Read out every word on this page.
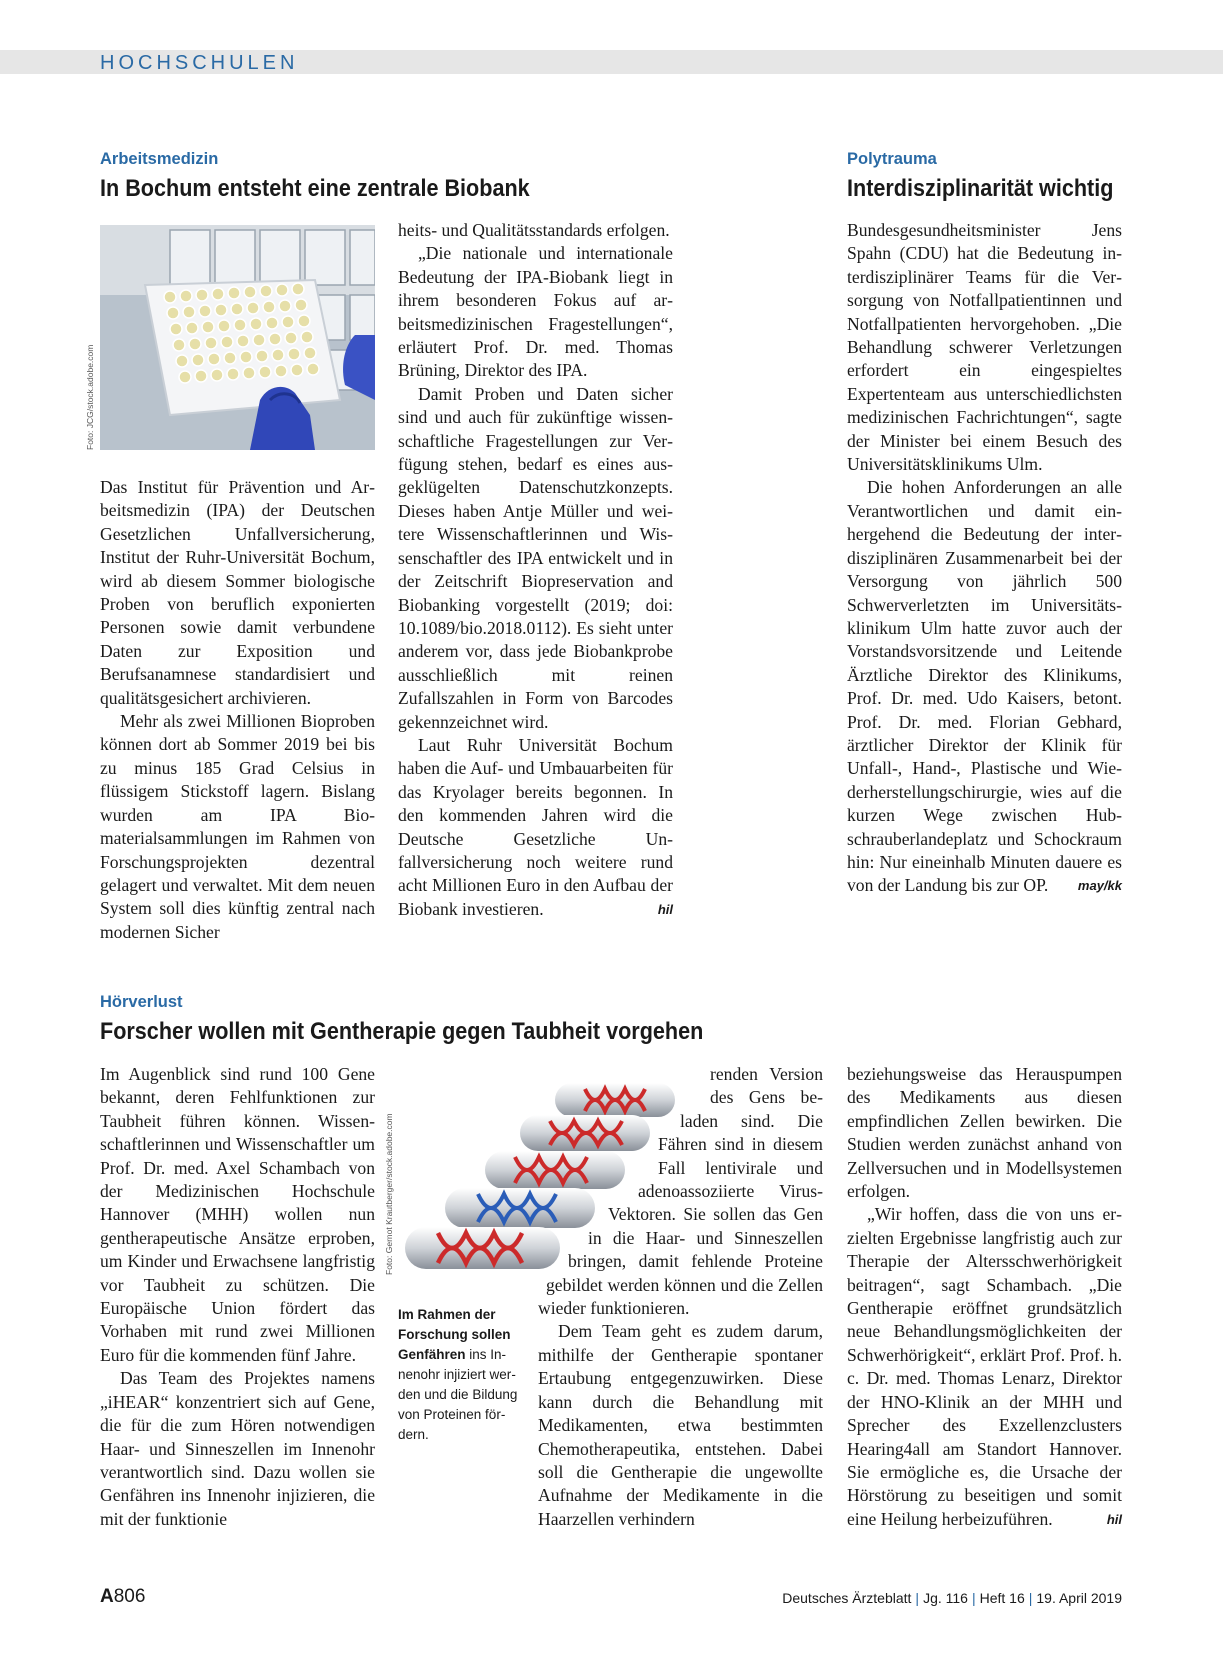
HOCHSCHULEN
Arbeitsmedizin
In Bochum entsteht eine zentrale Biobank
Foto: JCG/stock.adobe.com

Das Institut für Prävention und Arbeitsmedizin (IPA) der Deutschen Gesetzlichen Unfallversicherung, Institut der Ruhr-Universität Bochum, wird ab diesem Sommer biologische Proben von beruflich exponierten Personen sowie damit verbundene Daten zur Exposition und Berufsanamnese standardisiert und qualitätsgesichert archivieren.

Mehr als zwei Millionen Bioproben können dort ab Sommer 2019 bei bis zu minus 185 Grad Celsius in flüssigem Stickstoff lagern. Bislang wurden am IPA Biomaterialsammlungen im Rahmen von Forschungsprojekten dezentral gelagert und verwaltet. Mit dem neuen System soll dies künftig zentral nach modernen Sicher

heits- und Qualitätsstandards erfolgen.

„Die nationale und internationale Bedeutung der IPA-Biobank liegt in ihrem besonderen Fokus auf arbeitsmedizinischen Fragestellungen“, erläutert Prof. Dr. med. Thomas Brüning, Direktor des IPA.

Damit Proben und Daten sicher sind und auch für zukünftige wissenschaftliche Fragestellungen zur Verfügung stehen, bedarf es eines ausgeklügelten Datenschutzkonzepts. Dieses haben Antje Müller und weitere Wissenschaftlerinnen und Wissenschaftler des IPA entwickelt und in der Zeitschrift Biopreservation and Biobanking vorgestellt (2019; doi: 10.1089/bio.2018.0112). Es sieht unter anderem vor, dass jede Biobankprobe ausschließlich mit reinen Zufallszahlen in Form von Barcodes gekennzeichnet wird.

Laut Ruhr Universität Bochum haben die Auf- und Umbauarbeiten für das Kryolager bereits begonnen. In den kommenden Jahren wird die Deutsche Gesetzliche Unfallversicherung noch weitere rund acht Millionen Euro in den Aufbau der Biobank investieren.	hil

Polytrauma
Interdisziplinarität wichtig

Bundesgesundheitsminister Jens Spahn (CDU) hat die Bedeutung interdisziplinärer Teams für die Versorgung von Notfallpatientinnen und Notfallpatienten hervorgehoben. „Die Behandlung schwerer Verletzungen erfordert ein eingespieltes Expertenteam aus unterschiedlichsten medizinischen Fachrichtungen“, sagte der Minister bei einem Besuch des Universitätsklinikums Ulm.

Die hohen Anforderungen an alle Verantwortlichen und damit einhergehend die Bedeutung der interdisziplinären Zusammenarbeit bei der Versorgung von jährlich 500 Schwerverletzten im Universitätsklinikum Ulm hatte zuvor auch der Vorstandsvorsitzende und Leitende Ärztliche Direktor des Klinikums, Prof. Dr. med. Udo Kaisers, betont. Prof. Dr. med. Florian Gebhard, ärztlicher Direktor der Klinik für Unfall-, Hand-, Plastische und Wiederherstellungschirurgie, wies auf die kurzen Wege zwischen Hubschrauberlandeplatz und Schockraum hin: Nur eineinhalb Minuten dauere es von der Landung bis zur OP.	may/kk

Hörverlust
Forscher wollen mit Gentherapie gegen Taubheit vorgehen

Im Augenblick sind rund 100 Gene bekannt, deren Fehlfunktionen zur Taubheit führen können. Wissenschaftlerinnen und Wissenschaftler um Prof. Dr. med. Axel Schambach von der Medizinischen Hochschule Hannover (MHH) wollen nun gentherapeutische Ansätze erproben, um Kinder und Erwachsene langfristig vor Taubheit zu schützen. Die Europäische Union fördert das Vorhaben mit rund zwei Millionen Euro für die kommenden fünf Jahre.

Das Team des Projektes namens „iHEAR“ konzentriert sich auf Gene, die für die zum Hören notwendigen Haar- und Sinneszellen im Innenohr verantwortlich sind. Dazu wollen sie Genfähren ins Innenohr injizieren, die mit der funktionie

Foto: Gernot Krautberger/stock.adobe.com
Im Rahmen der Forschung sollen Genfähren ins Innenohr injiziert werden und die Bildung von Proteinen fördern.

renden Version des Gens beladen sind. Die Fähren sind in diesem Fall lentivirale und adenoassoziierte Virus-Vektoren. Sie sollen das Gen in die Haar- und Sinneszellen bringen, damit fehlende Proteine gebildet werden können und die Zellen wieder funktionieren.

Dem Team geht es zudem darum, mithilfe der Gentherapie spontaner Ertaubung entgegenzuwirken. Diese kann durch die Behandlung mit Medikamenten, etwa bestimmten Chemotherapeutika, entstehen. Dabei soll die Gentherapie die ungewollte Aufnahme der Medikamente in die Haarzellen verhindern

beziehungsweise das Herauspumpen des Medikaments aus diesen empfindlichen Zellen bewirken. Die Studien werden zunächst anhand von Zellversuchen und in Modellsystemen erfolgen.

„Wir hoffen, dass die von uns erzielten Ergebnisse langfristig auch zur Therapie der Altersschwerhörigkeit beitragen“, sagt Schambach. „Die Gentherapie eröffnet grundsätzlich neue Behandlungsmöglichkeiten der Schwerhörigkeit“, erklärt Prof. Prof. h. c. Dr. med. Thomas Lenarz, Direktor der HNO-Klinik an der MHH und Sprecher des Exzellenzclusters Hearing4all am Standort Hannover. Sie ermögliche es, die Ursache der Hörstörung zu beseitigen und somit eine Heilung herbeizuführen.	hil

A806	Deutsches Ärzteblatt | Jg. 116 | Heft 16 | 19. April 2019
